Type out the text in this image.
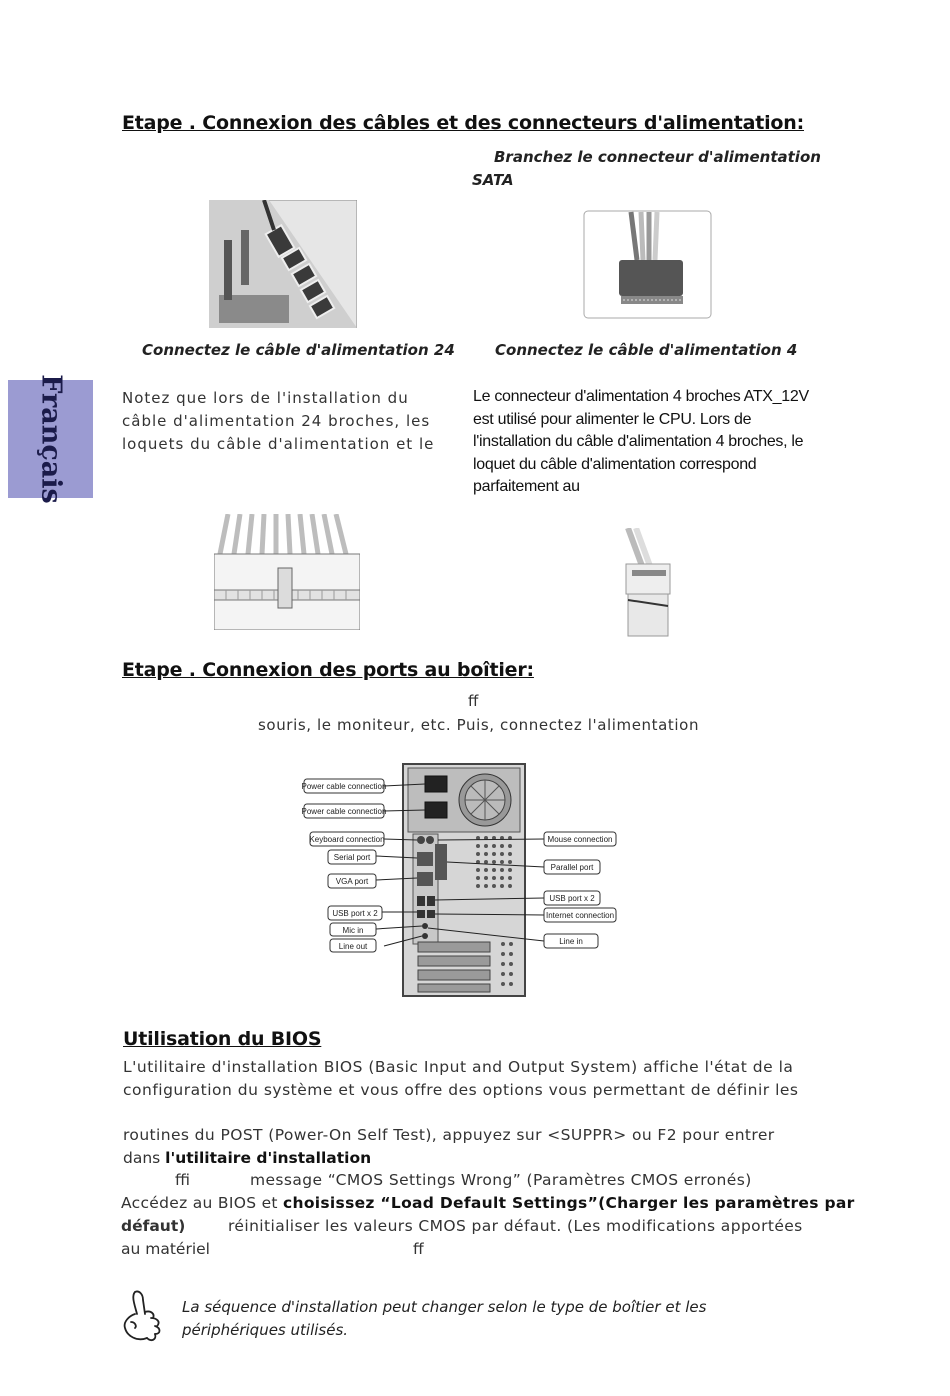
Français
Etape . Connexion des câbles et des connecteurs d'alimentation:
Branchez le connecteur d'alimentation
SATA
Connectez le câble d'alimentation 24	Connectez le câble d'alimentation 4
Notez que lors de l'installation du
câble d'alimentation 24 broches, les
loquets du câble d'alimentation et le
Le connecteur d'alimentation 4 broches ATX_12V
est utilisé pour alimenter le CPU. Lors de
l'installation du câble d'alimentation 4 broches, le
loquet du câble d'alimentation correspond
parfaitement au
Etape . Connexion des ports au boîtier:
ff
souris, le moniteur, etc. Puis, connectez l'alimentation
Power cable connection
Power cable connection
Keyboard connection
Serial port
VGA port
USB port x 2
Mic in
Line out
Mouse connection
Parallel port
USB port x 2
Internet connection
Line in
Utilisation du BIOS
L'utilitaire d'installation BIOS (Basic Input and Output System) affiche l'état de la
configuration du système et vous offre des options vous permettant de définir les
routines du POST (Power-On Self Test), appuyez sur <SUPPR> ou F2 pour entrer
dans l'utilitaire d'installation
ffi	message “CMOS Settings Wrong” (Paramètres CMOS erronés)
Accédez au BIOS et choisissez “Load Default Settings”(Charger les paramètres par
défaut)	réinitialiser les valeurs CMOS par défaut. (Les modifications apportées
au matériel	ff
La séquence d'installation peut changer selon le type de boîtier et les
périphériques utilisés.
